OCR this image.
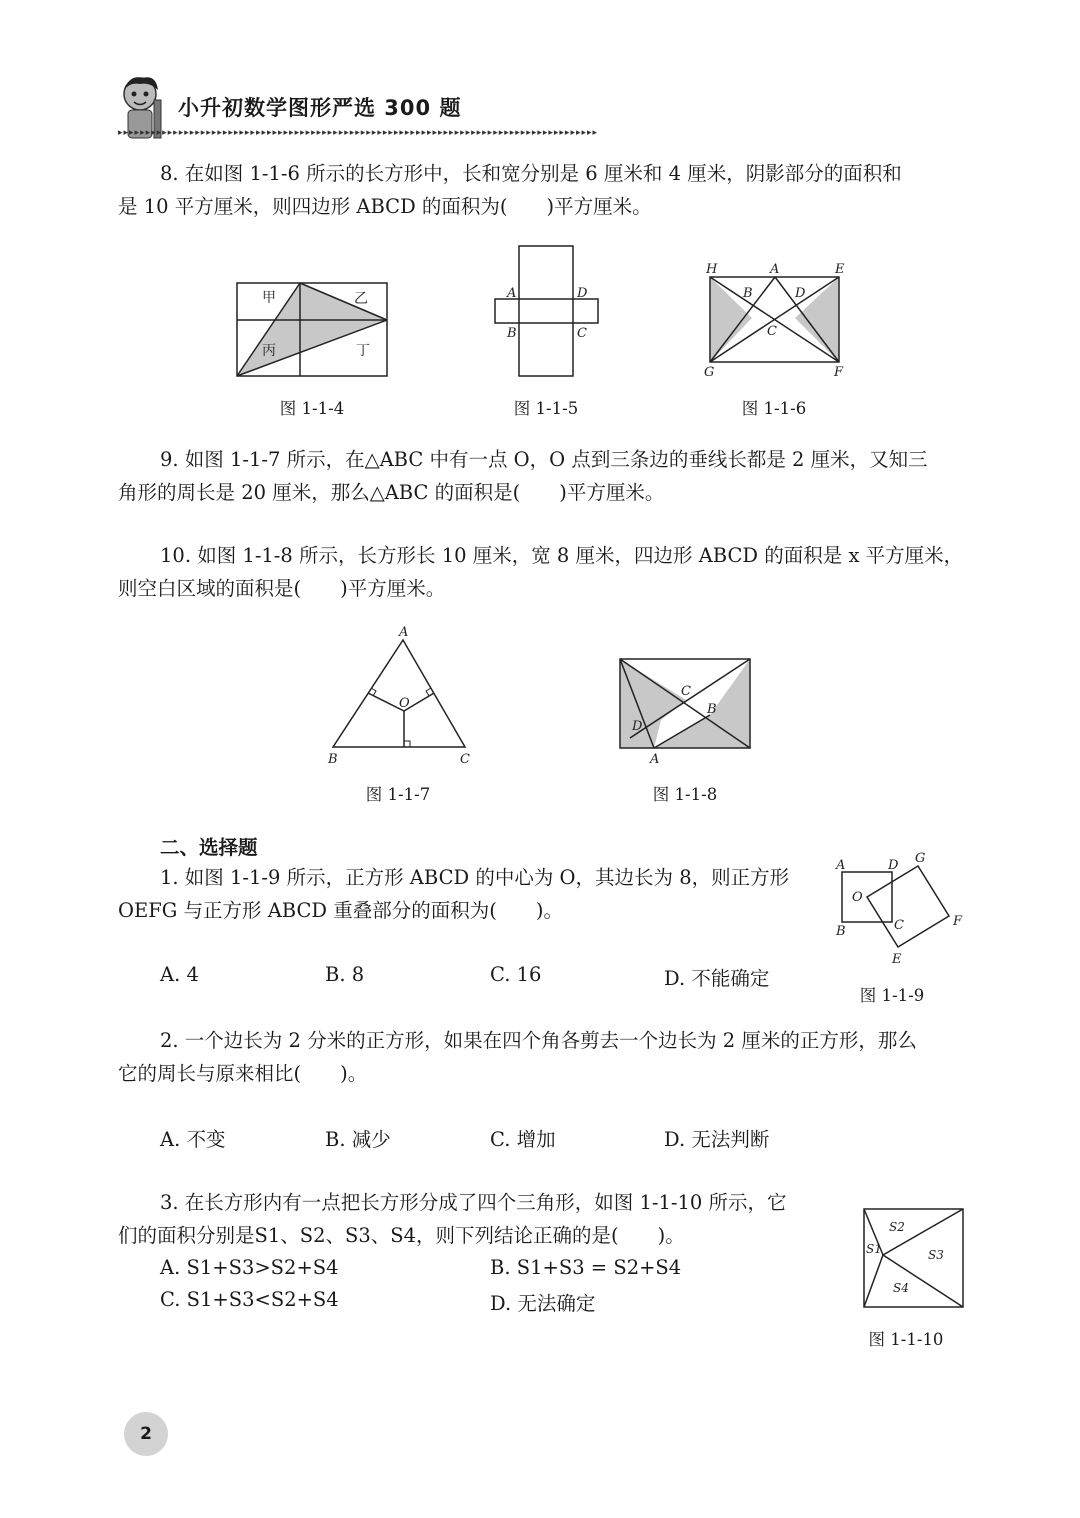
小升初数学图形严选 300 题
▸▸▸▸▸▸▸▸▸▸▸▸▸▸▸▸▸▸▸▸▸▸▸▸▸▸▸▸▸▸▸▸▸▸▸▸▸▸▸▸▸▸▸▸▸▸▸▸▸▸▸▸▸▸▸▸▸▸▸▸▸▸▸▸▸▸▸▸▸▸▸▸▸▸▸▸▸▸▸▸▸▸▸▸▸▸▸
8. 在如图 1-1-6 所示的长方形中，长和宽分别是 6 厘米和 4 厘米，阴影部分的面积和
是 10 平方厘米，则四边形 ABCD 的面积为(　　)平方厘米。
甲	乙
丙	丁
A	D
B	C
H	A	E
B	D
C
G	F
图 1-1-4	图 1-1-5	图 1-1-6
9. 如图 1-1-7 所示，在△ABC 中有一点 O，O 点到三条边的垂线长都是 2 厘米，又知三
角形的周长是 20 厘米，那么△ABC 的面积是(　　)平方厘米。
10. 如图 1-1-8 所示，长方形长 10 厘米，宽 8 厘米，四边形 ABCD 的面积是 x 平方厘米，
则空白区域的面积是(　　)平方厘米。
A
O
B	C
C
B
D
A
图 1-1-7	图 1-1-8
二、选择题
1. 如图 1-1-9 所示，正方形 ABCD 的中心为 O，其边长为 8，则正方形
OEFG 与正方形 ABCD 重叠部分的面积为(　　)。
A. 4	B. 8	C. 16	D. 不能确定
A	D G
O
C	F
B
E
图 1-1-9
2. 一个边长为 2 分米的正方形，如果在四个角各剪去一个边长为 2 厘米的正方形，那么
它的周长与原来相比(　　)。
A. 不变	B. 减少	C. 增加	D. 无法判断
3. 在长方形内有一点把长方形分成了四个三角形，如图 1-1-10 所示，它
们的面积分别是S1、S2、S3、S4，则下列结论正确的是(　　)。
A. S1+S3>S2+S4	B. S1+S3 = S2+S4
C. S1+S3<S2+S4	D. 无法确定
S2
S1	S3
S4
图 1-1-10
2
